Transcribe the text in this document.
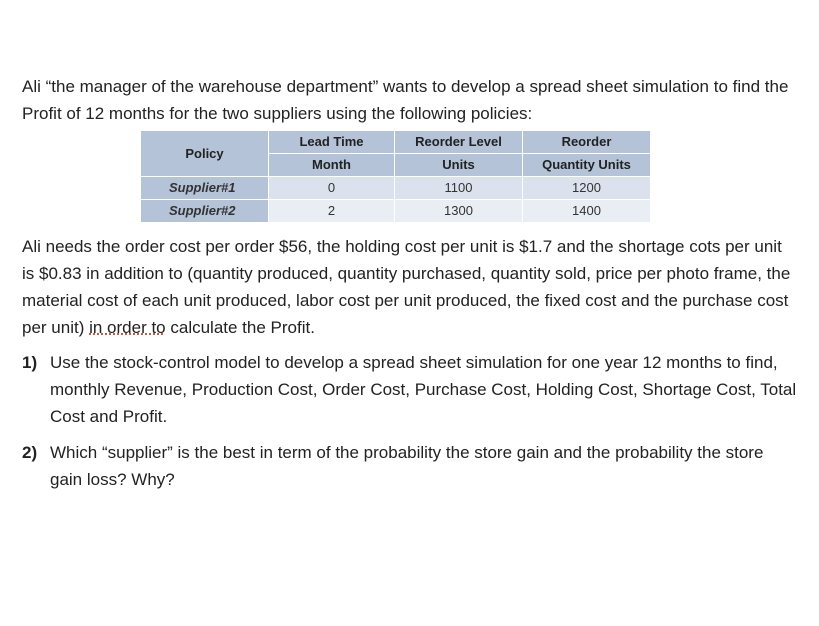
Ali “the manager of the warehouse department” wants to develop a spread sheet simulation to find the Profit of 12 months for the two suppliers using the following policies:

Policy	Lead Time	Reorder Level	Reorder
	Month	Units	Quantity Units
Supplier#1	0	1100	1200
Supplier#2	2	1300	1400

Ali needs the order cost per order $56, the holding cost per unit is $1.7 and the shortage cots per unit is $0.83 in addition to (quantity produced, quantity purchased, quantity sold, price per photo frame, the material cost of each unit produced, labor cost per unit produced, the fixed cost and the purchase cost per unit) in order to calculate the Profit.

1) Use the stock-control model to develop a spread sheet simulation for one year 12 months to find, monthly Revenue, Production Cost, Order Cost, Purchase Cost, Holding Cost, Shortage Cost, Total Cost and Profit.
2) Which “supplier” is the best in term of the probability the store gain and the probability the store gain loss? Why?
